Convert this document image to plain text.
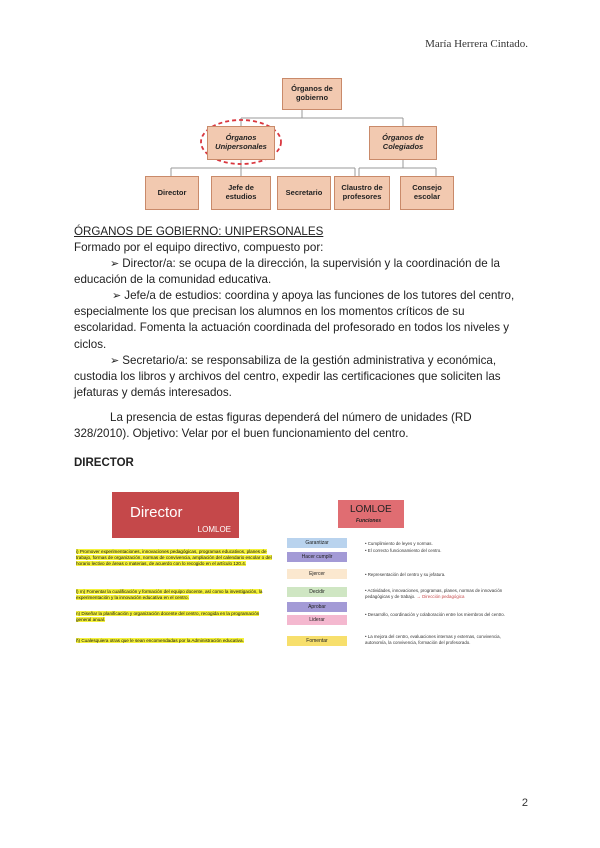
María Herrera Cintado.
Órganos de gobierno
Órganos Unipersonales
Órganos de Colegiados
Director	Jefe de estudios	Secretario	Claustro de profesores
Consejo escolar
ÓRGANOS DE GOBIERNO: UNIPERSONALES
Formado por el equipo directivo, compuesto por:
➢ Director/a: se ocupa de la dirección, la supervisión y la coordinación de la educación de la comunidad educativa.
➢ Jefe/a de estudios: coordina y apoya las funciones de los tutores del centro, especialmente los que precisan los alumnos en los momentos críticos de su escolaridad. Fomenta la actuación coordinada del profesorado en todos los niveles y ciclos.
➢ Secretario/a: se responsabiliza de la gestión administrativa y económica, custodia los libros y archivos del centro, expedir las certificaciones que soliciten las jefaturas y demás interesados.
La presencia de estas figuras dependerá del número de unidades (RD 328/2010). Objetivo: Velar por el buen funcionamiento del centro.
DIRECTOR
Director
LOMLOE
i) Promover experimentaciones, innovaciones pedagógicas, programas educativos, planes de trabajo, formas de organización, normas de convivencia, ampliación del calendario escolar o del horario lectivo de áreas o materias, de acuerdo con lo recogido en el artículo 120.4.
l) m) Fomentar la cualificación y formación del equipo docente, así como la investigación, la experimentación y la innovación educativa en el centro.
n) Diseñar la planificación y organización docente del centro, recogida en la programación general anual.
ñ) Cualesquiera otras que le sean encomendadas por la Administración educativa.
LOMLOE
Funciones
Garantizar
Hacer cumplir
Ejercer
Decidir
Aprobar
Liderar
Fomentar
• Cumplimiento de leyes y normas.
• El correcto funcionamiento del centro.
• Representación del centro y su jefatura.
• Actividades, innovaciones, programas, planes, normas de innovación pedagógicas y de trabajo. → Dirección pedagógica
• Desarrollo, coordinación y colaboración entre los miembros del centro.
• La mejora del centro, evaluaciones internas y externas, convivencia, autonomía, la convivencia, formación del profesorado.
2
